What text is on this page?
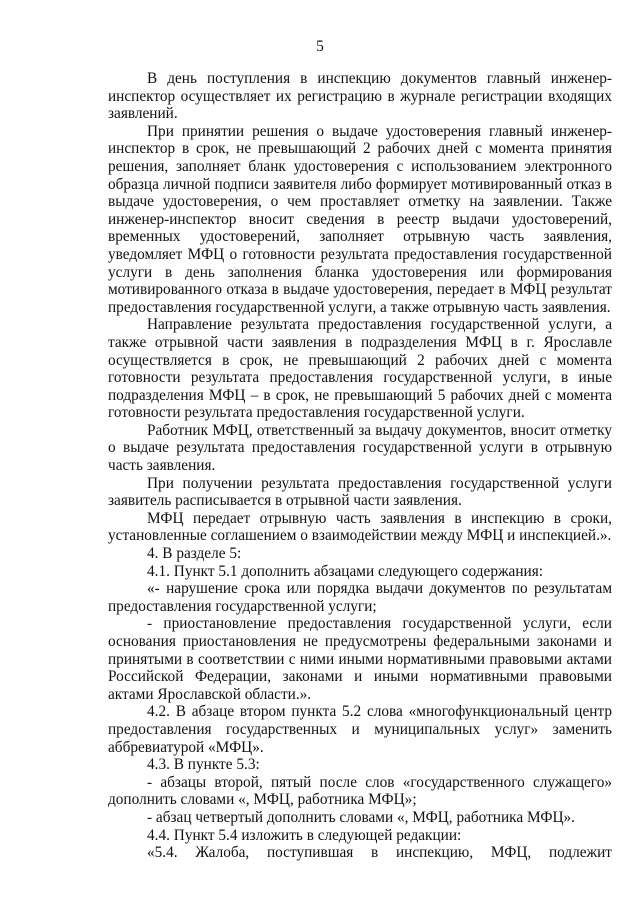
5

В день поступления в инспекцию документов главный инженер-инспектор осуществляет их регистрацию в журнале регистрации входящих заявлений.

При принятии решения о выдаче удостоверения главный инженер-инспектор в срок, не превышающий 2 рабочих дней с момента принятия решения, заполняет бланк удостоверения с использованием электронного образца личной подписи заявителя либо формирует мотивированный отказ в выдаче удостоверения, о чем проставляет отметку на заявлении. Также инженер-инспектор вносит сведения в реестр выдачи удостоверений, временных удостоверений, заполняет отрывную часть заявления, уведомляет МФЦ о готовности результата предоставления государственной услуги в день заполнения бланка удостоверения или формирования мотивированного отказа в выдаче удостоверения, передает в МФЦ результат предоставления государственной услуги, а также отрывную часть заявления.

Направление результата предоставления государственной услуги, а также отрывной части заявления в подразделения МФЦ в г. Ярославле осуществляется в срок, не превышающий 2 рабочих дней с момента готовности результата предоставления государственной услуги, в иные подразделения МФЦ – в срок, не превышающий 5 рабочих дней с момента готовности результата предоставления государственной услуги.

Работник МФЦ, ответственный за выдачу документов, вносит отметку о выдаче результата предоставления государственной услуги в отрывную часть заявления.

При получении результата предоставления государственной услуги заявитель расписывается в отрывной части заявления.

МФЦ передает отрывную часть заявления в инспекцию в сроки, установленные соглашением о взаимодействии между МФЦ и инспекцией.».

4. В разделе 5:

4.1. Пункт 5.1 дополнить абзацами следующего содержания:

«- нарушение срока или порядка выдачи документов по результатам предоставления государственной услуги;

- приостановление предоставления государственной услуги, если основания приостановления не предусмотрены федеральными законами и принятыми в соответствии с ними иными нормативными правовыми актами Российской Федерации, законами и иными нормативными правовыми актами Ярославской области.».

4.2. В абзаце втором пункта 5.2 слова «многофункциональный центр предоставления государственных и муниципальных услуг» заменить аббревиатурой «МФЦ».

4.3. В пункте 5.3:

- абзацы второй, пятый после слов «государственного служащего» дополнить словами «, МФЦ, работника МФЦ»;

- абзац четвертый дополнить словами «, МФЦ, работника МФЦ».

4.4. Пункт 5.4 изложить в следующей редакции:

«5.4. Жалоба, поступившая в инспекцию, МФЦ, подлежит
